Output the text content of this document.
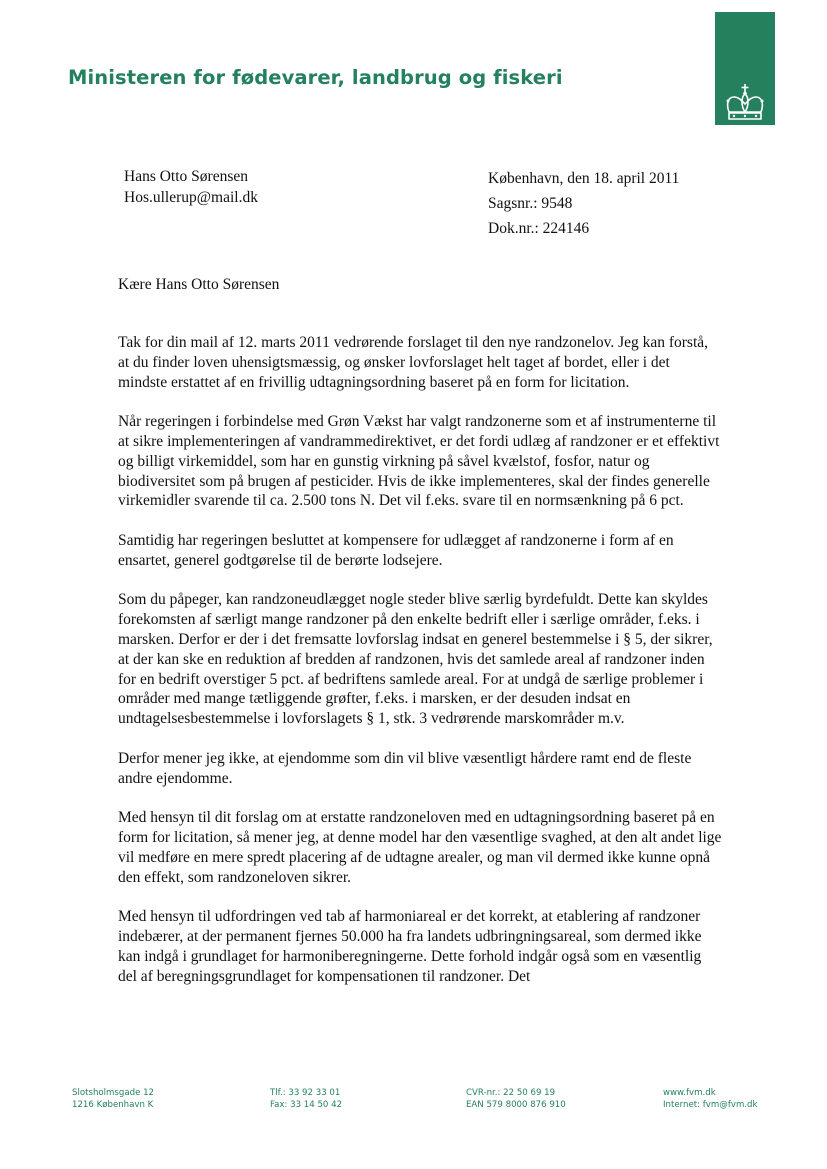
Ministeren for fødevarer, landbrug og fiskeri
Hans Otto Sørensen
Hos.ullerup@mail.dk
København, den 18. april 2011
Sagsnr.: 9548
Dok.nr.: 224146
Kære Hans Otto Sørensen

Tak for din mail af 12. marts 2011 vedrørende forslaget til den nye randzonelov. Jeg kan forstå, at du finder loven uhensigtsmæssig, og ønsker lovforslaget helt taget af bordet, eller i det mindste erstattet af en frivillig udtagningsordning baseret på en form for licitation.

Når regeringen i forbindelse med Grøn Vækst har valgt randzonerne som et af instrumenterne til at sikre implementeringen af vandrammedirektivet, er det fordi udlæg af randzoner er et effektivt og billigt virkemiddel, som har en gunstig virkning på såvel kvælstof, fosfor, natur og biodiversitet som på brugen af pesticider. Hvis de ikke implementeres, skal der findes generelle virkemidler svarende til ca. 2.500 tons N. Det vil f.eks. svare til en normsænkning på 6 pct.

Samtidig har regeringen besluttet at kompensere for udlægget af randzonerne i form af en ensartet, generel godtgørelse til de berørte lodsejere.

Som du påpeger, kan randzoneudlægget nogle steder blive særlig byrdefuldt. Dette kan skyldes forekomsten af særligt mange randzoner på den enkelte bedrift eller i særlige områder, f.eks. i marsken. Derfor er der i det fremsatte lovforslag indsat en generel bestemmelse i § 5, der sikrer, at der kan ske en reduktion af bredden af randzonen, hvis det samlede areal af randzoner inden for en bedrift overstiger 5 pct. af bedriftens samlede areal. For at undgå de særlige problemer i områder med mange tætliggende grøfter, f.eks. i marsken, er der desuden indsat en undtagelsesbestemmelse i lovforslagets § 1, stk. 3 vedrørende marskområder m.v.

Derfor mener jeg ikke, at ejendomme som din vil blive væsentligt hårdere ramt end de fleste andre ejendomme.

Med hensyn til dit forslag om at erstatte randzoneloven med en udtagningsordning baseret på en form for licitation, så mener jeg, at denne model har den væsentlige svaghed, at den alt andet lige vil medføre en mere spredt placering af de udtagne arealer, og man vil dermed ikke kunne opnå den effekt, som randzoneloven sikrer.

Med hensyn til udfordringen ved tab af harmoniareal er det korrekt, at etablering af randzoner indebærer, at der permanent fjernes 50.000 ha fra landets udbringningsareal, som dermed ikke kan indgå i grundlaget for harmoniberegningerne. Dette forhold indgår også som en væsentlig del af beregningsgrundlaget for kompensationen til randzoner. Det

Slotsholmsgade 12
1216 København K
Tlf.: 33 92 33 01
Fax: 33 14 50 42
CVR-nr.: 22 50 69 19
EAN 579 8000 876 910
www.fvm.dk
Internet: fvm@fvm.dk
